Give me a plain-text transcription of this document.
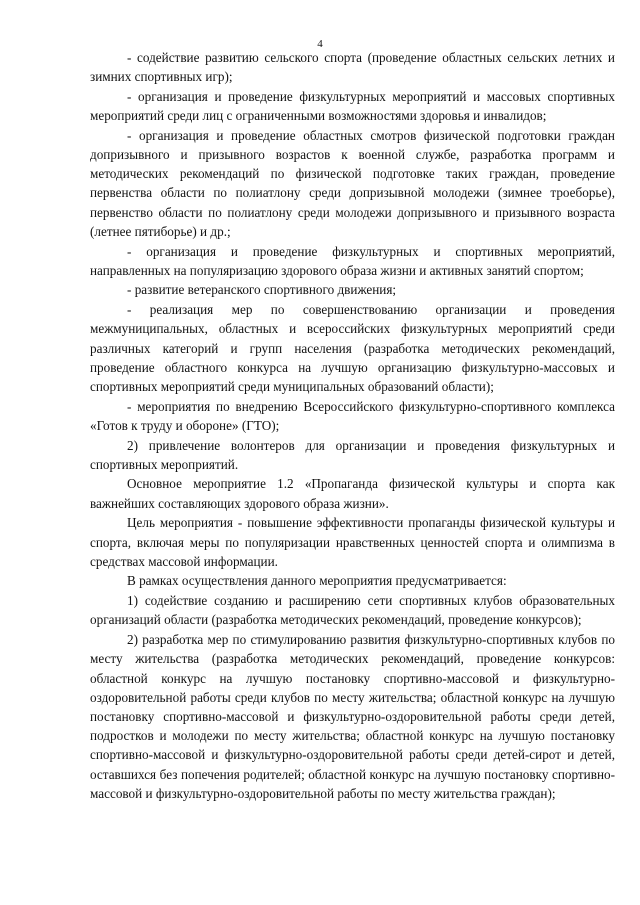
4

- содействие развитию сельского спорта (проведение областных сельских летних и зимних спортивных игр);

- организация и проведение физкультурных мероприятий и массовых спортивных мероприятий среди лиц с ограниченными возможностями здоровья и инвалидов;

- организация и проведение областных смотров физической подготовки граждан допризывного и призывного возрастов к военной службе, разработка программ и методических рекомендаций по физической подготовке таких граждан, проведение первенства области по полиатлону среди допризывной молодежи (зимнее троеборье), первенство области по полиатлону среди молодежи допризывного и призывного возраста (летнее пятиборье) и др.;

- организация и проведение физкультурных и спортивных мероприятий, направленных на популяризацию здорового образа жизни и активных занятий спортом;

- развитие ветеранского спортивного движения;

- реализация мер по совершенствованию организации и проведения межмуниципальных, областных и всероссийских физкультурных мероприятий среди различных категорий и групп населения (разработка методических рекомендаций, проведение областного конкурса на лучшую организацию физкультурно-массовых и спортивных мероприятий среди муниципальных образований области);

- мероприятия по внедрению Всероссийского физкультурно-спортивного комплекса «Готов к труду и обороне» (ГТО);

2) привлечение волонтеров для организации и проведения физкультурных и спортивных мероприятий.

Основное мероприятие 1.2 «Пропаганда физической культуры и спорта как важнейших составляющих здорового образа жизни».

Цель мероприятия - повышение эффективности пропаганды физической культуры и спорта, включая меры по популяризации нравственных ценностей спорта и олимпизма в средствах массовой информации.

В рамках осуществления данного мероприятия предусматривается:

1) содействие созданию и расширению сети спортивных клубов образовательных организаций области (разработка методических рекомендаций, проведение конкурсов);

2) разработка мер по стимулированию развития физкультурно-спортивных клубов по месту жительства (разработка методических рекомендаций, проведение конкурсов: областной конкурс на лучшую постановку спортивно-массовой и физкультурно-оздоровительной работы среди клубов по месту жительства; областной конкурс на лучшую постановку спортивно-массовой и физкультурно-оздоровительной работы среди детей, подростков и молодежи по месту жительства; областной конкурс на лучшую постановку спортивно-массовой и физкультурно-оздоровительной работы среди детей-сирот и детей, оставшихся без попечения родителей; областной конкурс на лучшую постановку спортивно-массовой и физкультурно-оздоровительной работы по месту жительства граждан);
